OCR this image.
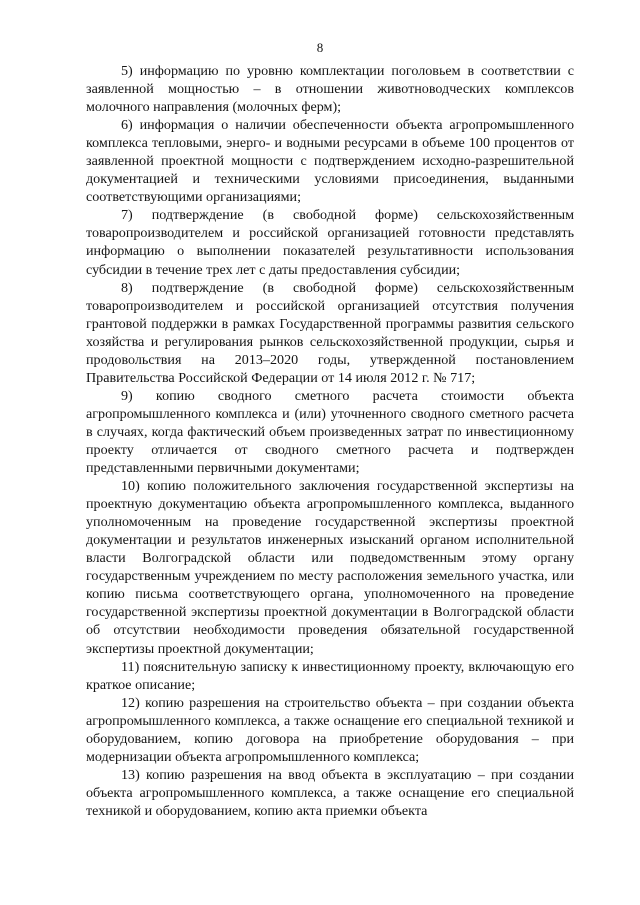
8

5) информацию по уровню комплектации поголовьем в соответствии с заявленной мощностью – в отношении животноводческих комплексов молочного направления (молочных ферм);

6) информация о наличии обеспеченности объекта агропромышленного комплекса тепловыми, энерго- и водными ресурсами в объеме 100 процентов от заявленной проектной мощности с подтверждением исходно-разрешительной документацией и техническими условиями присоединения, выданными соответствующими организациями;

7) подтверждение (в свободной форме) сельскохозяйственным товаропроизводителем и российской организацией готовности представлять информацию о выполнении показателей результативности использования субсидии в течение трех лет с даты предоставления субсидии;

8) подтверждение (в свободной форме) сельскохозяйственным товаропроизводителем и российской организацией отсутствия получения грантовой поддержки в рамках Государственной программы развития сельского хозяйства и регулирования рынков сельскохозяйственной продукции, сырья и продовольствия на 2013–2020 годы, утвержденной постановлением Правительства Российской Федерации от 14 июля 2012 г. № 717;

9) копию сводного сметного расчета стоимости объекта агропромышленного комплекса и (или) уточненного сводного сметного расчета в случаях, когда фактический объем произведенных затрат по инвестиционному проекту отличается от сводного сметного расчета и подтвержден представленными первичными документами;

10) копию положительного заключения государственной экспертизы на проектную документацию объекта агропромышленного комплекса, выданного уполномоченным на проведение государственной экспертизы проектной документации и результатов инженерных изысканий органом исполнительной власти Волгоградской области или подведомственным этому органу государственным учреждением по месту расположения земельного участка, или копию письма соответствующего органа, уполномоченного на проведение государственной экспертизы проектной документации в Волгоградской области об отсутствии необходимости проведения обязательной государственной экспертизы проектной документации;

11) пояснительную записку к инвестиционному проекту, включающую его краткое описание;

12) копию разрешения на строительство объекта – при создании объекта агропромышленного комплекса, а также оснащение его специальной техникой и оборудованием, копию договора на приобретение оборудования – при модернизации объекта агропромышленного комплекса;

13) копию разрешения на ввод объекта в эксплуатацию – при создании объекта агропромышленного комплекса, а также оснащение его специальной техникой и оборудованием, копию акта приемки объекта
